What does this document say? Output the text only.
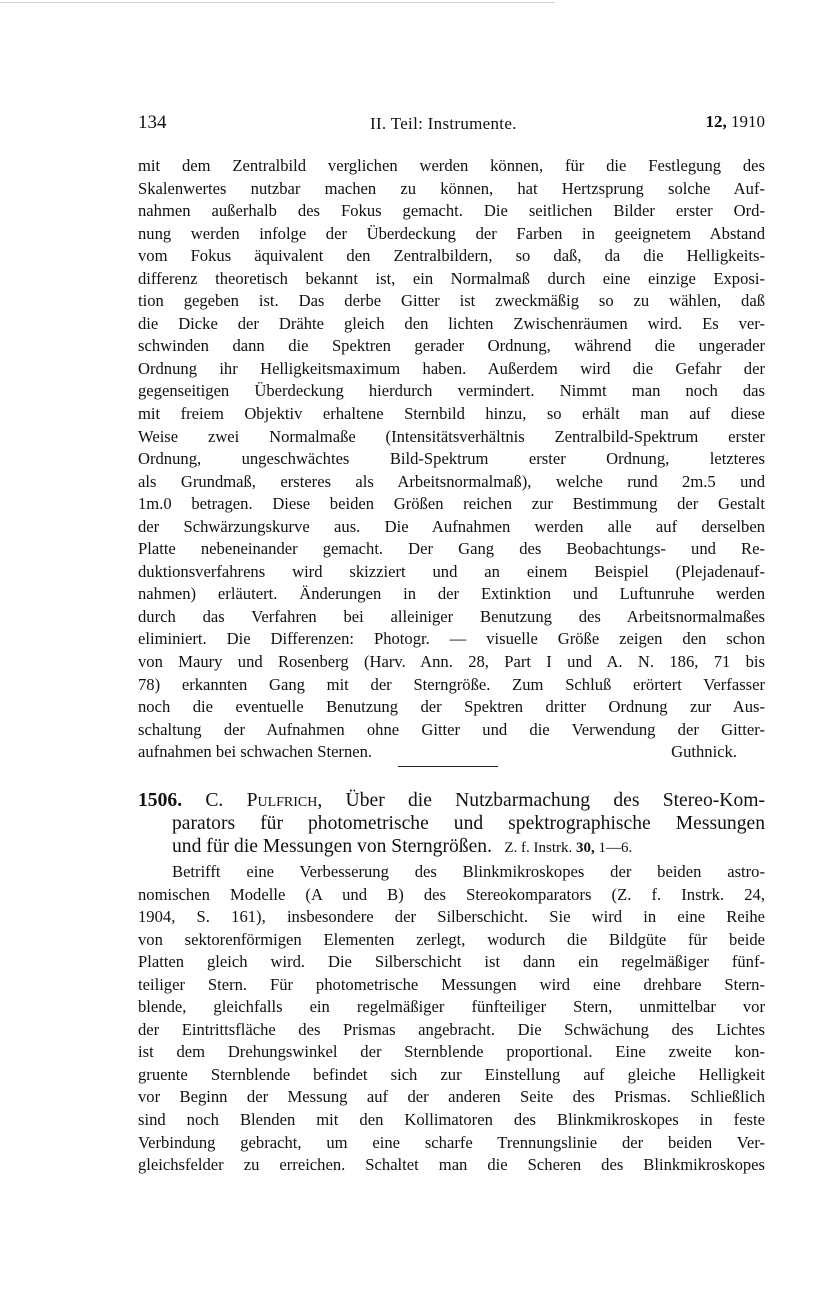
134	II. Teil: Instrumente.	12, 1910
mit dem Zentralbild verglichen werden können, für die Festlegung des
Skalenwertes nutzbar machen zu können, hat Hertzsprung solche Auf-
nahmen außerhalb des Fokus gemacht. Die seitlichen Bilder erster Ord-
nung werden infolge der Überdeckung der Farben in geeignetem Abstand
vom Fokus äquivalent den Zentralbildern, so daß, da die Helligkeits-
differenz theoretisch bekannt ist, ein Normalmaß durch eine einzige Exposi-
tion gegeben ist. Das derbe Gitter ist zweckmäßig so zu wählen, daß
die Dicke der Drähte gleich den lichten Zwischenräumen wird. Es ver-
schwinden dann die Spektren gerader Ordnung, während die ungerader
Ordnung ihr Helligkeitsmaximum haben. Außerdem wird die Gefahr der
gegenseitigen Überdeckung hierdurch vermindert. Nimmt man noch das
mit freiem Objektiv erhaltene Sternbild hinzu, so erhält man auf diese
Weise zwei Normalmaße (Intensitätsverhältnis Zentralbild-Spektrum erster
Ordnung, ungeschwächtes Bild-Spektrum erster Ordnung, letzteres
als Grundmaß, ersteres als Arbeitsnormalmaß), welche rund 2m.5 und
1m.0 betragen. Diese beiden Größen reichen zur Bestimmung der Gestalt
der Schwärzungskurve aus. Die Aufnahmen werden alle auf derselben
Platte nebeneinander gemacht. Der Gang des Beobachtungs- und Re-
duktionsverfahrens wird skizziert und an einem Beispiel (Plejadenauf-
nahmen) erläutert. Änderungen in der Extinktion und Luftunruhe werden
durch das Verfahren bei alleiniger Benutzung des Arbeitsnormalmaßes
eliminiert. Die Differenzen: Photogr. — visuelle Größe zeigen den schon
von Maury und Rosenberg (Harv. Ann. 28, Part I und A. N. 186, 71 bis
78) erkannten Gang mit der Sterngröße. Zum Schluß erörtert Verfasser
noch die eventuelle Benutzung der Spektren dritter Ordnung zur Aus-
schaltung der Aufnahmen ohne Gitter und die Verwendung der Gitter-
aufnahmen bei schwachen Sternen.	Guthnick.
1506. C. Pulfrich, Über die Nutzbarmachung des Stereo-Kom-
parators für photometrische und spektrographische Messungen
und für die Messungen von Sterngrößen. Z. f. Instrk. 30, 1—6.
Betrifft eine Verbesserung des Blinkmikroskopes der beiden astro-
nomischen Modelle (A und B) des Stereokomparators (Z. f. Instrk. 24,
1904, S. 161), insbesondere der Silberschicht. Sie wird in eine Reihe
von sektorenförmigen Elementen zerlegt, wodurch die Bildgüte für beide
Platten gleich wird. Die Silberschicht ist dann ein regelmäßiger fünf-
teiliger Stern. Für photometrische Messungen wird eine drehbare Stern-
blende, gleichfalls ein regelmäßiger fünfteiliger Stern, unmittelbar vor
der Eintrittsfläche des Prismas angebracht. Die Schwächung des Lichtes
ist dem Drehungswinkel der Sternblende proportional. Eine zweite kon-
gruente Sternblende befindet sich zur Einstellung auf gleiche Helligkeit
vor Beginn der Messung auf der anderen Seite des Prismas. Schließlich
sind noch Blenden mit den Kollimatoren des Blinkmikroskopes in feste
Verbindung gebracht, um eine scharfe Trennungslinie der beiden Ver-
gleichsfelder zu erreichen. Schaltet man die Scheren des Blinkmikroskopes
